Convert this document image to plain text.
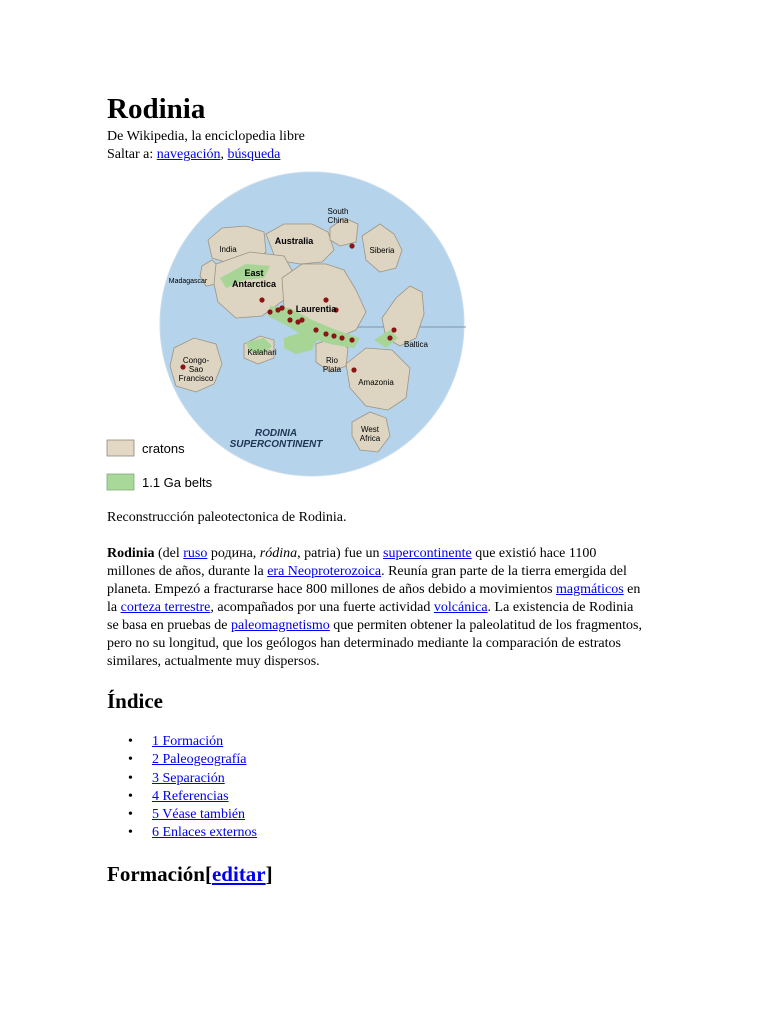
Rodinia
De Wikipedia, la enciclopedia libre
Saltar a: navegación, búsqueda
South
China
India
Australia
Siberia
Madagascar
East
Antarctica
Laurentia
Baltica
Congo-
Sao
Francisco
Kalahari
Rio
Plata
Amazonia
West
Africa
RODINIA
SUPERCONTINENT
cratons
1.1 Ga belts
Reconstrucción paleotectonica de Rodinia.

Rodinia (del ruso родина, ródina, patria) fue un supercontinente que existió hace 1100 millones de años, durante la era Neoproterozoica. Reunía gran parte de la tierra emergida del planeta. Empezó a fracturarse hace 800 millones de años debido a movimientos magmáticos en la corteza terrestre, acompañados por una fuerte actividad volcánica. La existencia de Rodinia se basa en pruebas de paleomagnetismo que permiten obtener la paleolatitud de los fragmentos, pero no su longitud, que los geólogos han determinado mediante la comparación de estratos similares, actualmente muy dispersos.

Índice
• 1 Formación
• 2 Paleogeografía
• 3 Separación
• 4 Referencias
• 5 Véase también
• 6 Enlaces externos
Formación[editar]
